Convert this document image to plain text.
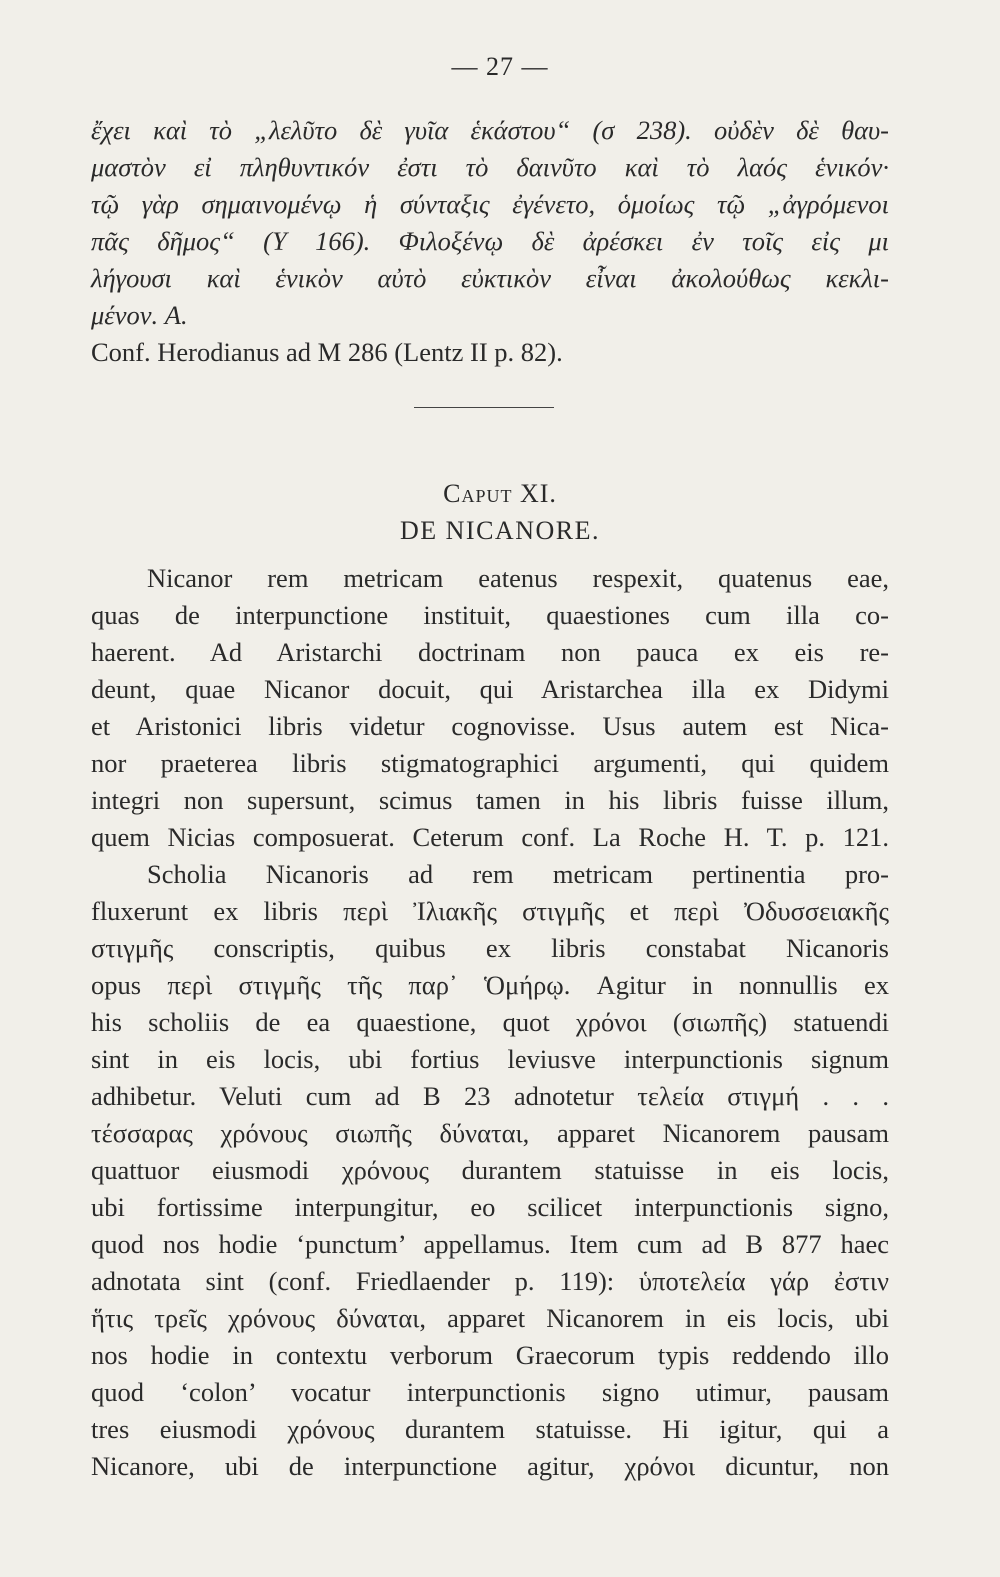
— 27 —
ἔχει καὶ τὸ „λελῦτο δὲ γυῖα ἑκάστου“ (σ 238). οὐδὲν δὲ θαυ-
μαστὸν εἰ πληθυντικόν ἐστι τὸ δαινῦτο καὶ τὸ λαός ἑνικόν·
τῷ γὰρ σημαινομένῳ ἡ σύνταξις ἐγένετο, ὁμοίως τῷ „ἀγρόμενοι
πᾶς δῆμος“ (Υ 166). Φιλοξένῳ δὲ ἀρέσκει ἐν τοῖς εἰς μι
λήγουσι καὶ ἑνικὸν αὐτὸ εὐκτικὸν εἶναι ἀκολούθως κεκλι-
μένον. A.
Conf. Herodianus ad M 286 (Lentz II p. 82).
Caput XI.
DE NICANORE.
Nicanor rem metricam eatenus respexit, quatenus eae,
quas de interpunctione instituit, quaestiones cum illa co-
haerent. Ad Aristarchi doctrinam non pauca ex eis re-
deunt, quae Nicanor docuit, qui Aristarchea illa ex Didymi
et Aristonici libris videtur cognovisse. Usus autem est Nica-
nor praeterea libris stigmatographici argumenti, qui quidem
integri non supersunt, scimus tamen in his libris fuisse illum,
quem Nicias composuerat. Ceterum conf. La Roche H. T. p. 121.
Scholia Nicanoris ad rem metricam pertinentia pro-
fluxerunt ex libris περὶ Ἰλιακῆς στιγμῆς et περὶ Ὀδυσσειακῆς
στιγμῆς conscriptis, quibus ex libris constabat Nicanoris
opus περὶ στιγμῆς τῆς παρ᾿ Ὁμήρῳ. Agitur in nonnullis ex
his scholiis de ea quaestione, quot χρόνοι (σιωπῆς) statuendi
sint in eis locis, ubi fortius leviusve interpunctionis signum
adhibetur. Veluti cum ad B 23 adnotetur τελεία στιγμή . . .
τέσσαρας χρόνους σιωπῆς δύναται, apparet Nicanorem pausam
quattuor eiusmodi χρόνους durantem statuisse in eis locis,
ubi fortissime interpungitur, eo scilicet interpunctionis signo,
quod nos hodie ‘punctum’ appellamus. Item cum ad B 877 haec
adnotata sint (conf. Friedlaender p. 119): ὑποτελεία γάρ ἐστιν
ἥτις τρεῖς χρόνους δύναται, apparet Nicanorem in eis locis, ubi
nos hodie in contextu verborum Graecorum typis reddendo illo
quod ‘colon’ vocatur interpunctionis signo utimur, pausam
tres eiusmodi χρόνους durantem statuisse. Hi igitur, qui a
Nicanore, ubi de interpunctione agitur, χρόνοι dicuntur, non
